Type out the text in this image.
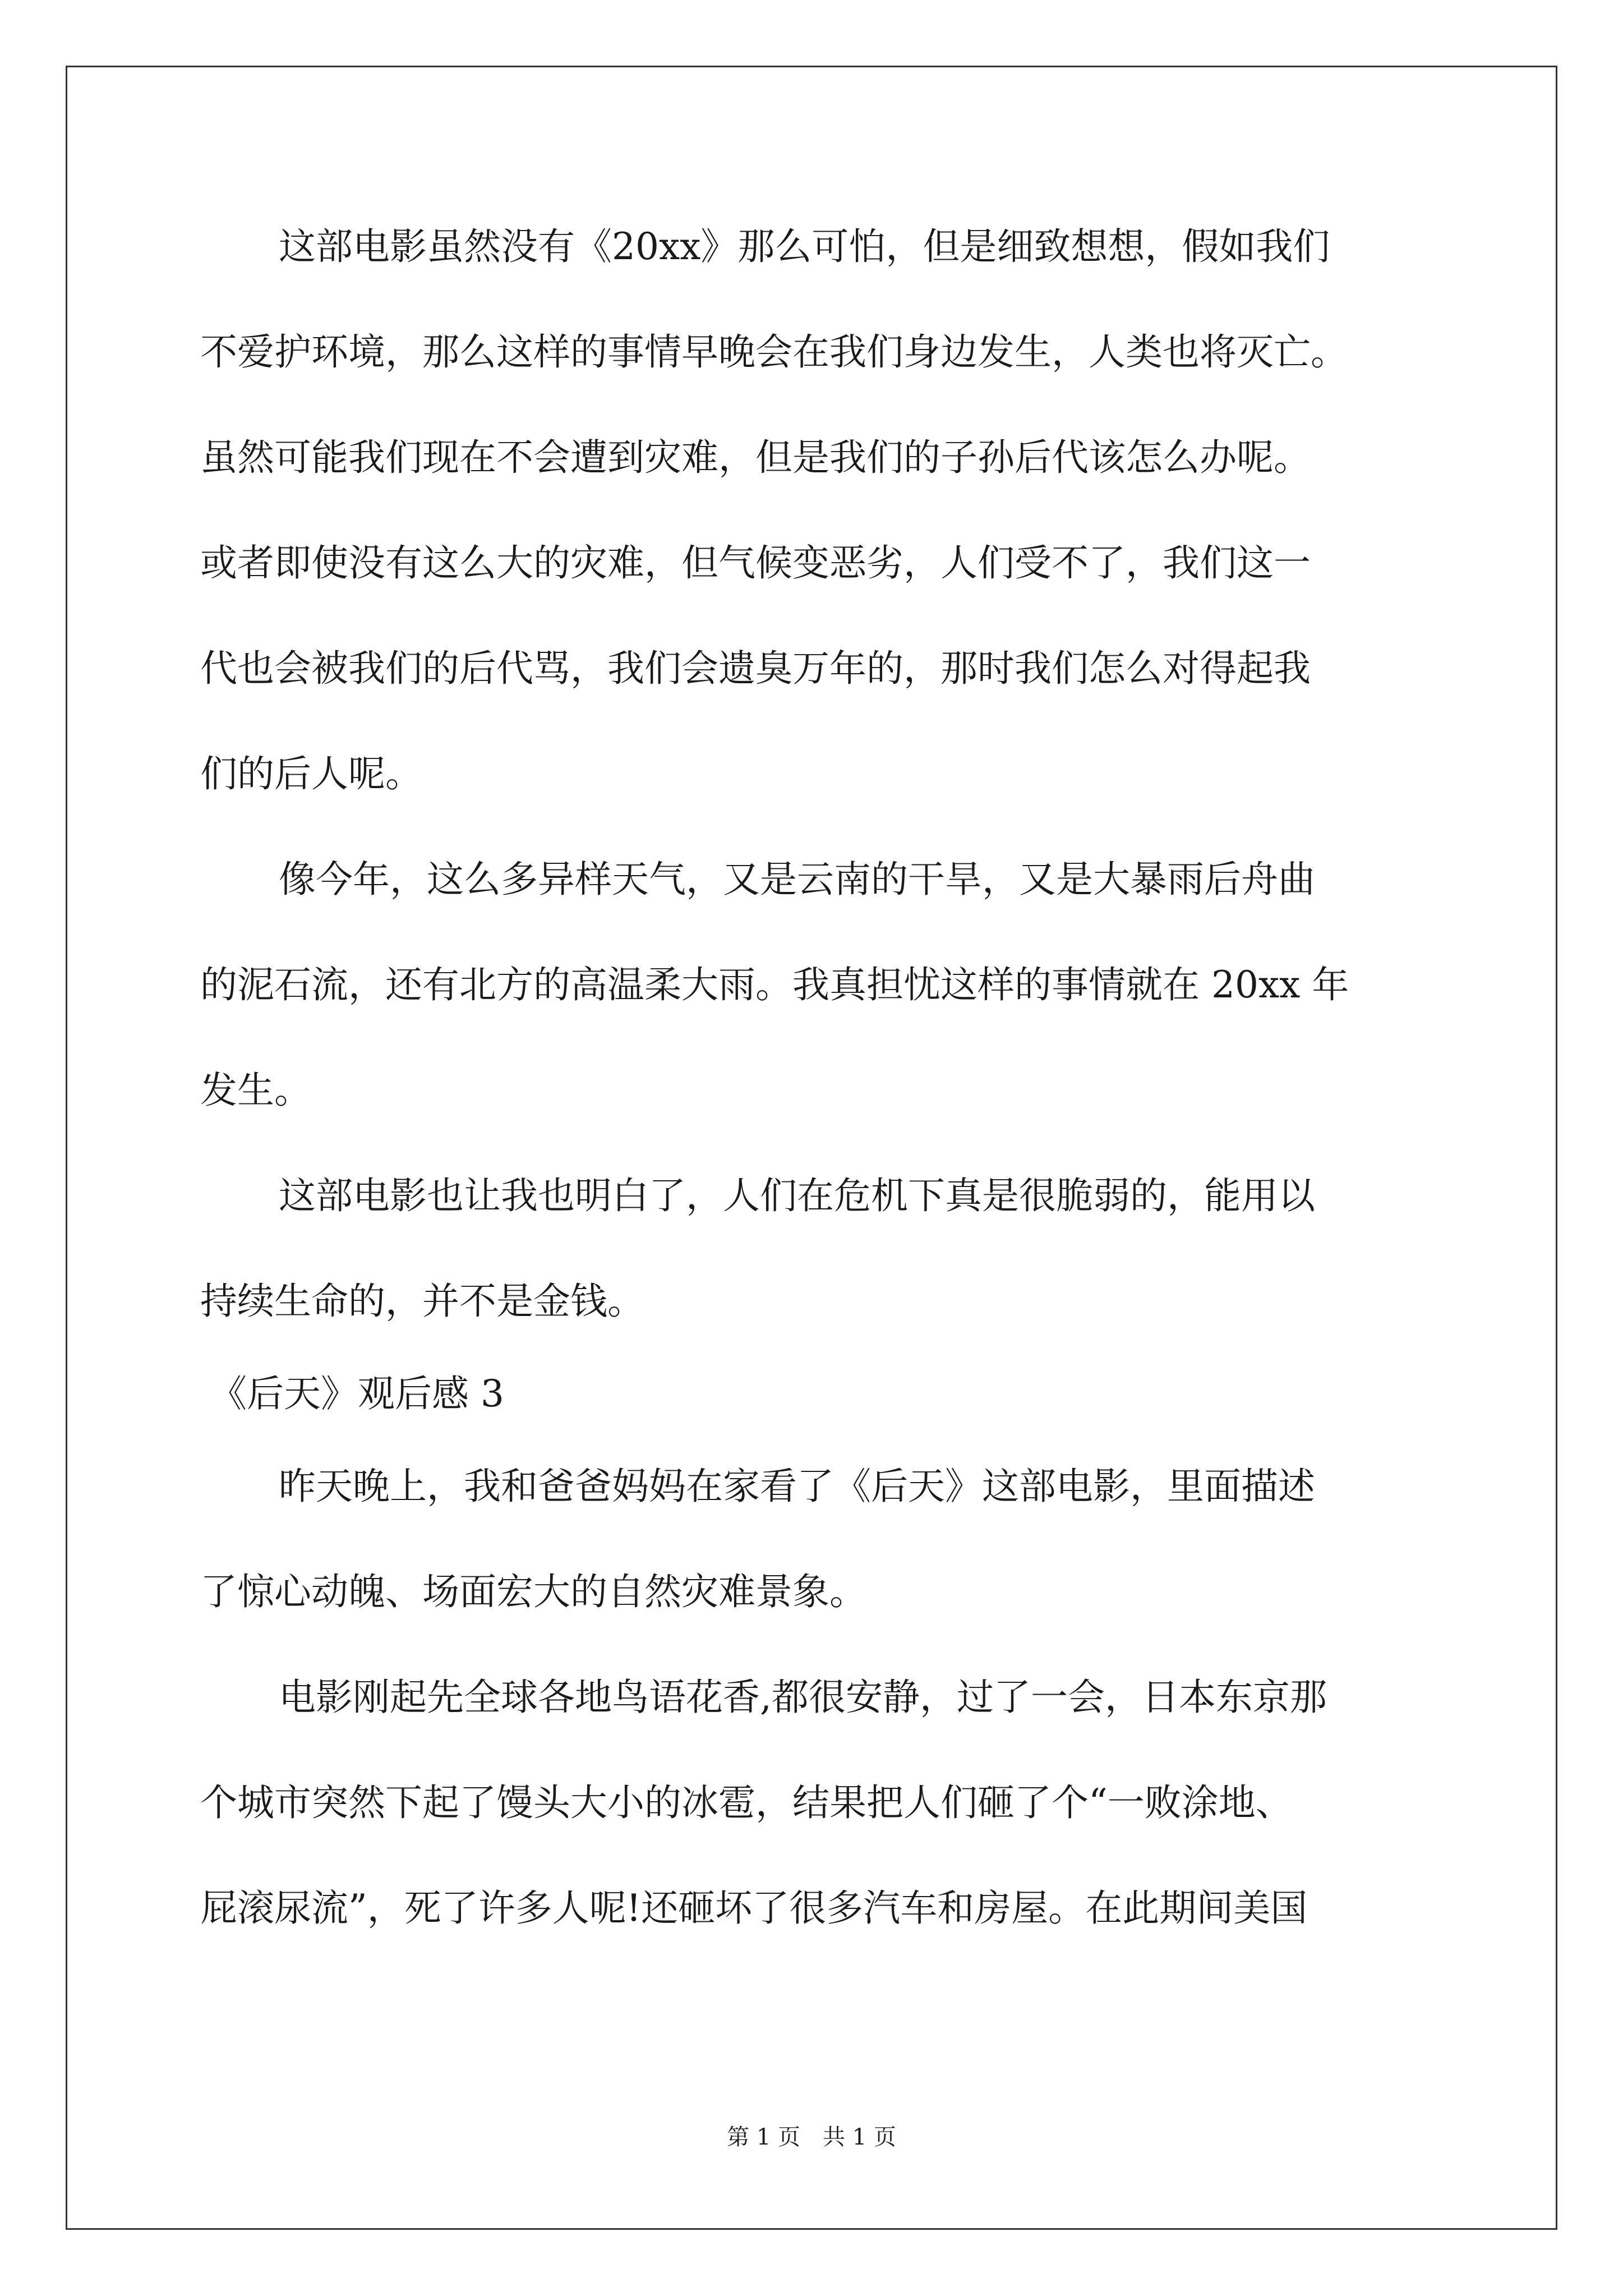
这部电影虽然没有《20xx》那么可怕，但是细致想想，假如我们
不爱护环境，那么这样的事情早晚会在我们身边发生，人类也将灭亡。
虽然可能我们现在不会遭到灾难，但是我们的子孙后代该怎么办呢。
或者即使没有这么大的灾难，但气候变恶劣，人们受不了，我们这一
代也会被我们的后代骂，我们会遗臭万年的，那时我们怎么对得起我
们的后人呢。
像今年，这么多异样天气，又是云南的干旱，又是大暴雨后舟曲
的泥石流，还有北方的高温柔大雨。我真担忧这样的事情就在 20xx 年
发生。
这部电影也让我也明白了，人们在危机下真是很脆弱的，能用以
持续生命的，并不是金钱。
《后天》观后感 3
昨天晚上，我和爸爸妈妈在家看了《后天》这部电影，里面描述
了惊心动魄、场面宏大的自然灾难景象。
电影刚起先全球各地鸟语花香,都很安静，过了一会，日本东京那
个城市突然下起了馒头大小的冰雹，结果把人们砸了个“一败涂地、
屁滚尿流”，死了许多人呢!还砸坏了很多汽车和房屋。在此期间美国
第 1 页　共 1 页
